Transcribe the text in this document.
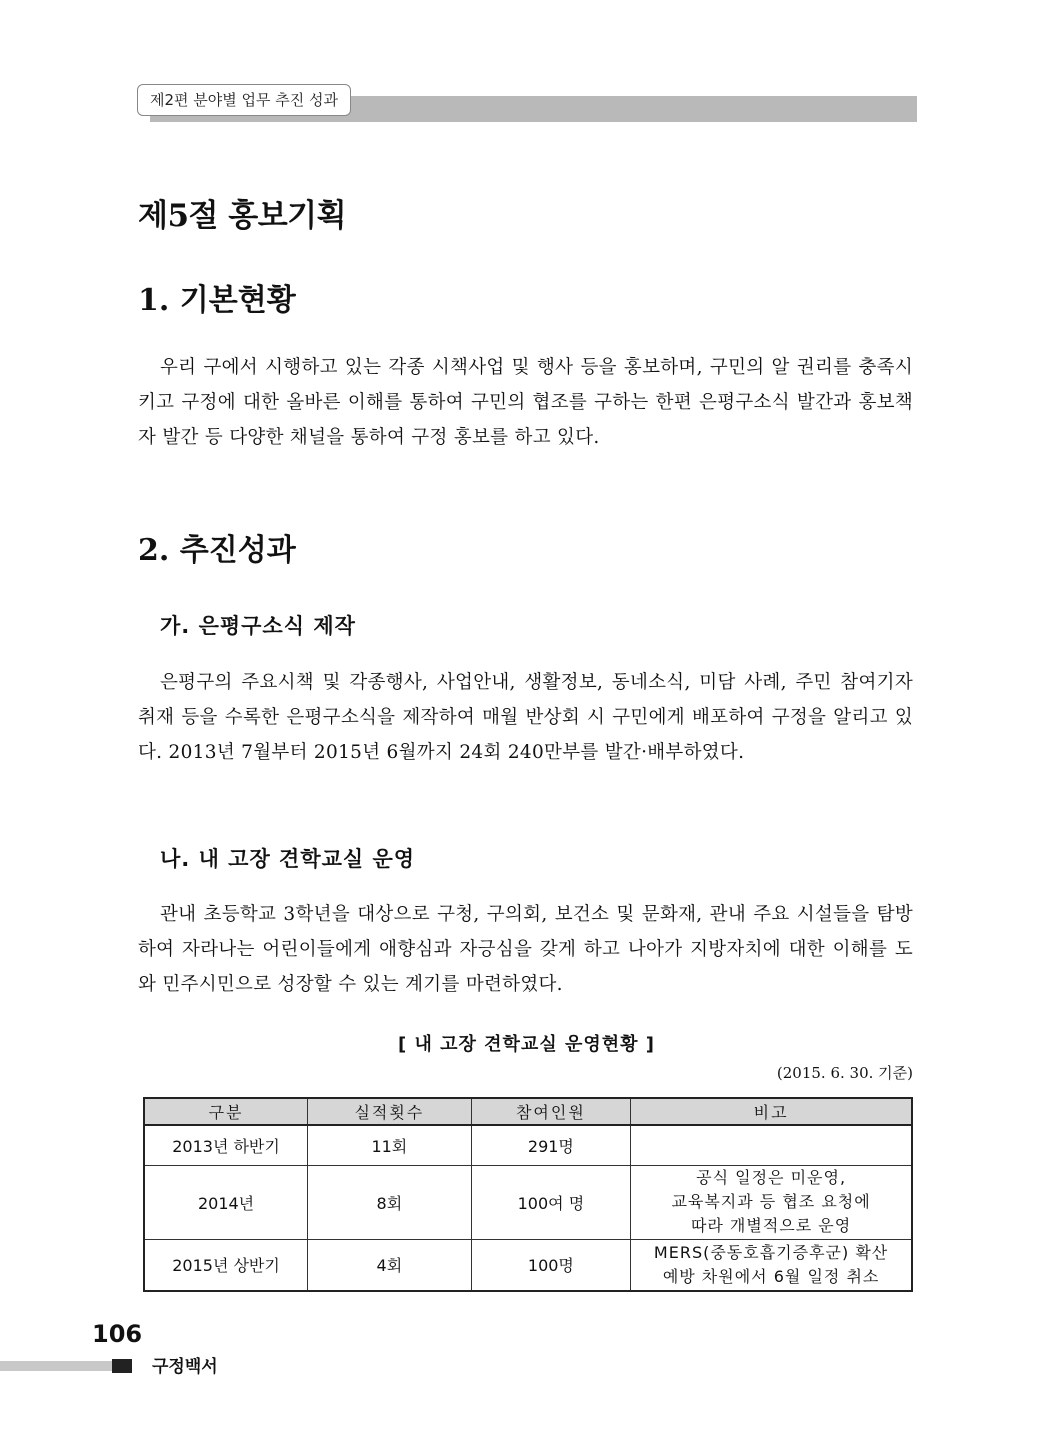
제2편 분야별 업무 추진 성과
제5절 홍보기획
1. 기본현황

우리 구에서 시행하고 있는 각종 시책사업 및 행사 등을 홍보하며, 구민의 알 권리를 충족시키고 구정에 대한 올바른 이해를 통하여 구민의 협조를 구하는 한편 은평구소식 발간과 홍보책자 발간 등 다양한 채널을 통하여 구정 홍보를 하고 있다.

2. 추진성과
가. 은평구소식 제작

은평구의 주요시책 및 각종행사, 사업안내, 생활정보, 동네소식, 미담 사례, 주민 참여기자 취재 등을 수록한 은평구소식을 제작하여 매월 반상회 시 구민에게 배포하여 구정을 알리고 있다. 2013년 7월부터 2015년 6월까지 24회 240만부를 발간·배부하였다.

나. 내 고장 견학교실 운영

관내 초등학교 3학년을 대상으로 구청, 구의회, 보건소 및 문화재, 관내 주요 시설들을 탐방하여 자라나는 어린이들에게 애향심과 자긍심을 갖게 하고 나아가 지방자치에 대한 이해를 도와 민주시민으로 성장할 수 있는 계기를 마련하였다.

[ 내 고장 견학교실 운영현황 ]
(2015. 6. 30. 기준)
구분	실적횟수	참여인원	비고
2013년 하반기	11회	291명	
2014년	8회	100여 명	공식 일정은 미운영,
교육복지과 등 협조 요청에
따라 개별적으로 운영

2015년 상반기	4회	100명	MERS(중동호흡기증후군) 확산
예방 차원에서 6월 일정 취소
106
구정백서
